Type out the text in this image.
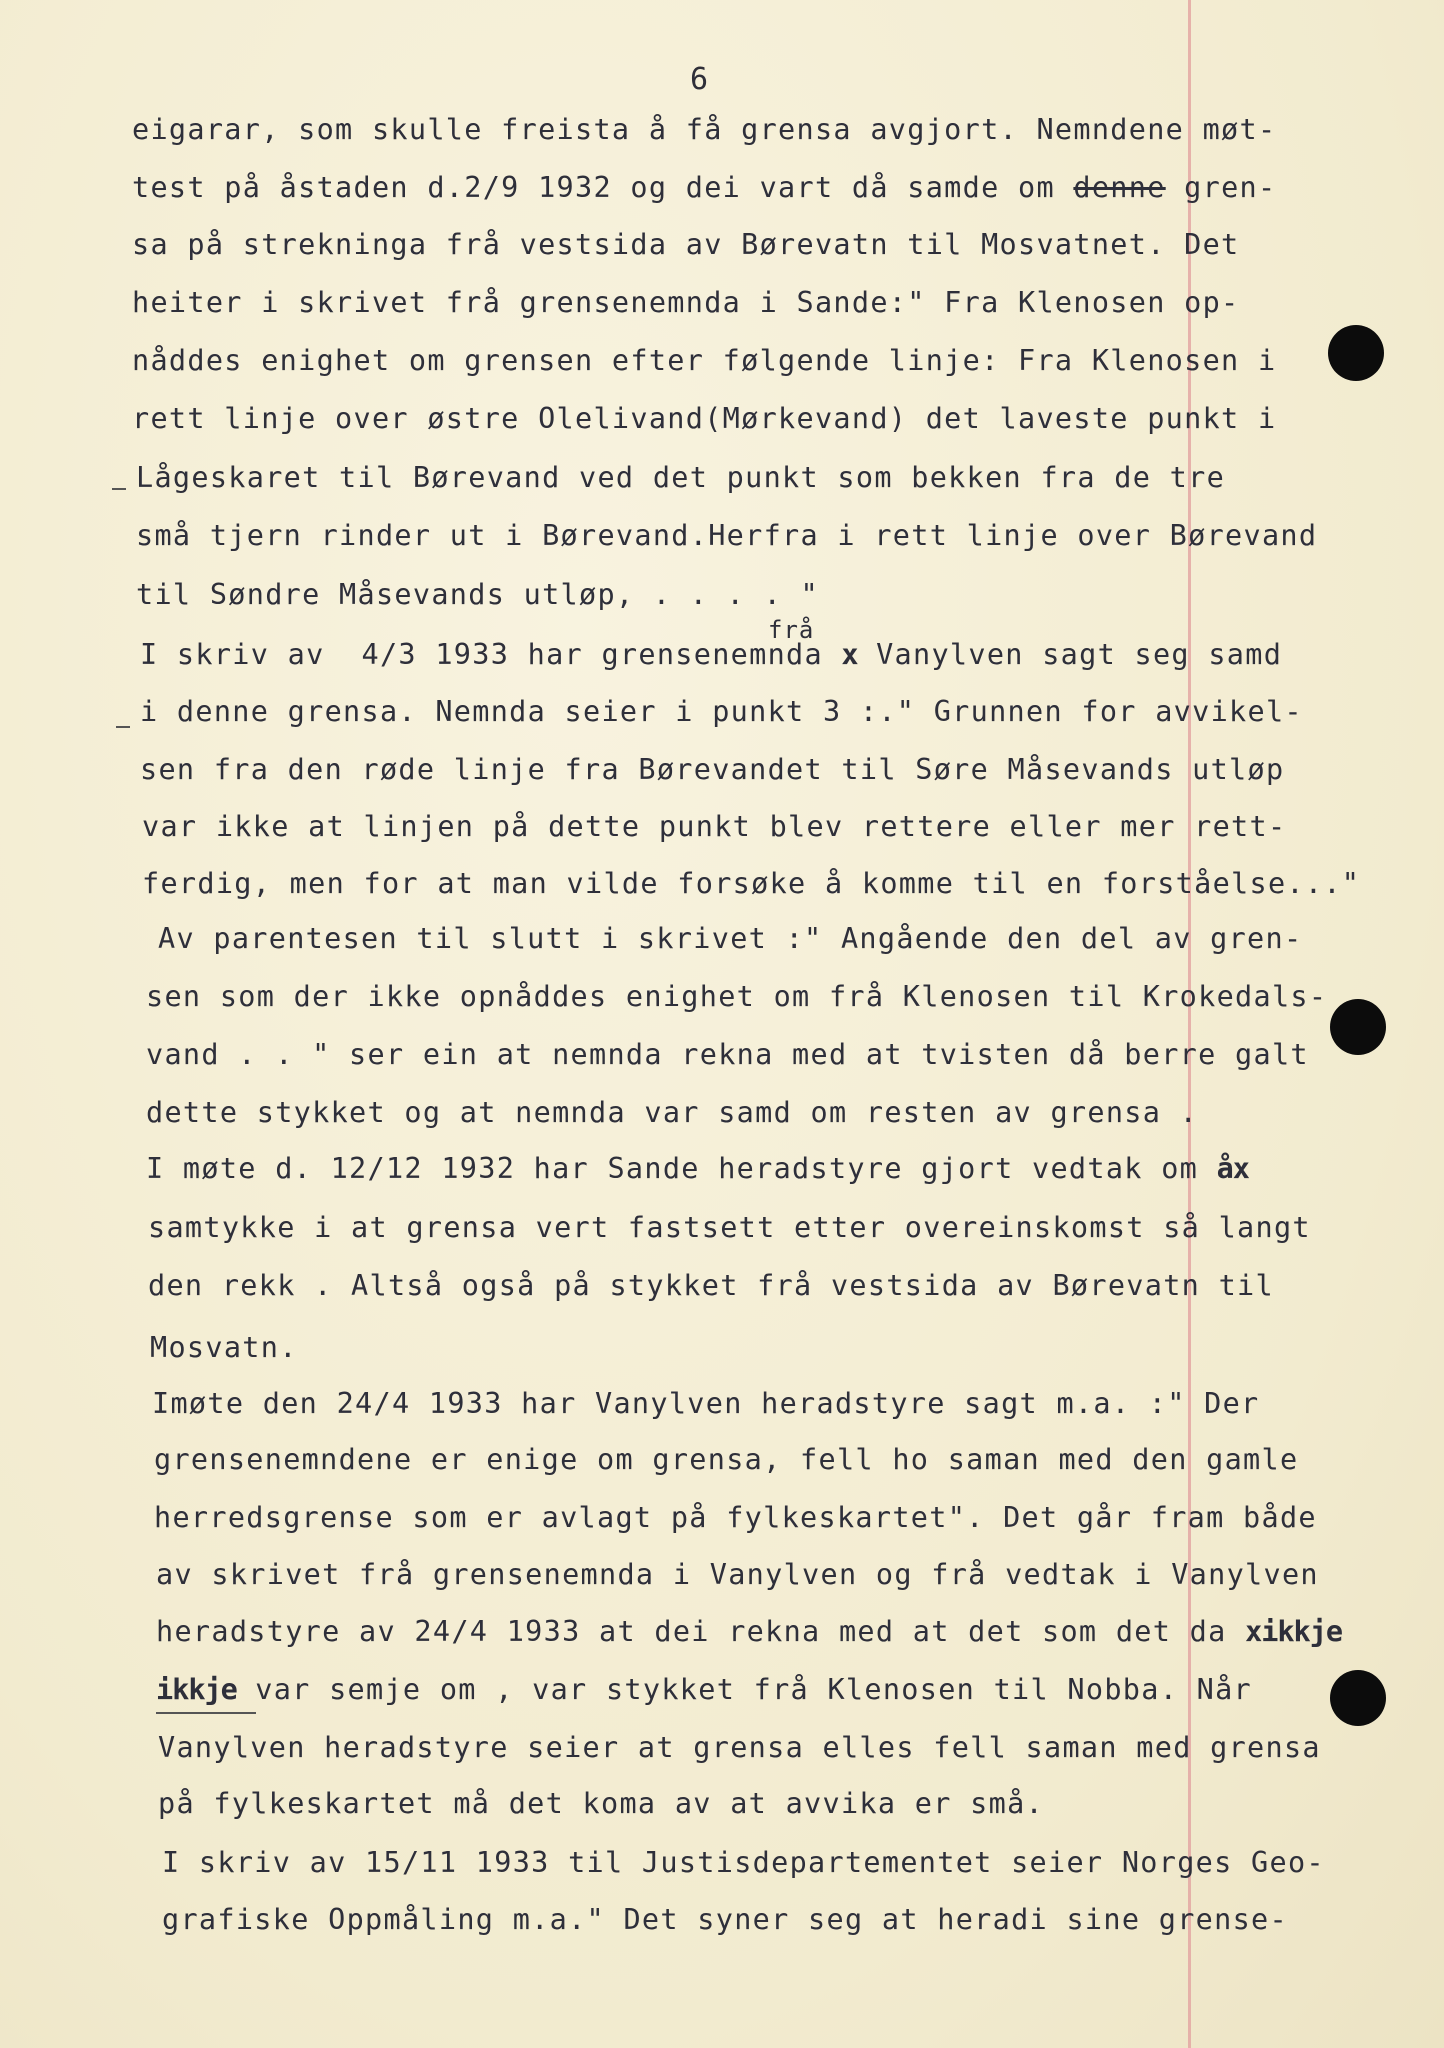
6
eigarar, som skulle freista å få grensa avgjort. Nemndene møt-
test på åstaden d.2/9 1932 og dei vart då samde om denne gren-
sa på strekninga frå vestsida av Børevatn til Mosvatnet. Det
heiter i skrivet frå grensenemnda i Sande:" Fra Klenosen op-
nåddes enighet om grensen efter følgende linje: Fra Klenosen i
rett linje over østre Olelivand(Mørkevand) det laveste punkt i
Lågeskaret til Børevand ved det punkt som bekken fra de tre
små tjern rinder ut i Børevand.Herfra i rett linje over Børevand
til Søndre Måsevands utløp, . . . . "
frå
I skriv av  4/3 1933 har grensenemnda x Vanylven sagt seg samd
i denne grensa. Nemnda seier i punkt 3 :." Grunnen for avvikel-
sen fra den røde linje fra Børevandet til Søre Måsevands utløp
var ikke at linjen på dette punkt blev rettere eller mer rett-
ferdig, men for at man vilde forsøke å komme til en forståelse..."
Av parentesen til slutt i skrivet :" Angående den del av gren-
sen som der ikke opnåddes enighet om frå Klenosen til Krokedals-
vand . . " ser ein at nemnda rekna med at tvisten då berre galt
dette stykket og at nemnda var samd om resten av grensa .
I møte d. 12/12 1932 har Sande heradstyre gjort vedtak om åx
samtykke i at grensa vert fastsett etter overeinskomst så langt
den rekk . Altså også på stykket frå vestsida av Børevatn til
Mosvatn.
Imøte den 24/4 1933 har Vanylven heradstyre sagt m.a. :" Der
grensenemndene er enige om grensa, fell ho saman med den gamle
herredsgrense som er avlagt på fylkeskartet". Det går fram både
av skrivet frå grensenemnda i Vanylven og frå vedtak i Vanylven
heradstyre av 24/4 1933 at dei rekna med at det som det da xikkje
ikkje var semje om , var stykket frå Klenosen til Nobba. Når
Vanylven heradstyre seier at grensa elles fell saman med grensa
på fylkeskartet må det koma av at avvika er små.
I skriv av 15/11 1933 til Justisdepartementet seier Norges Geo-
grafiske Oppmåling m.a." Det syner seg at heradi sine grense-
